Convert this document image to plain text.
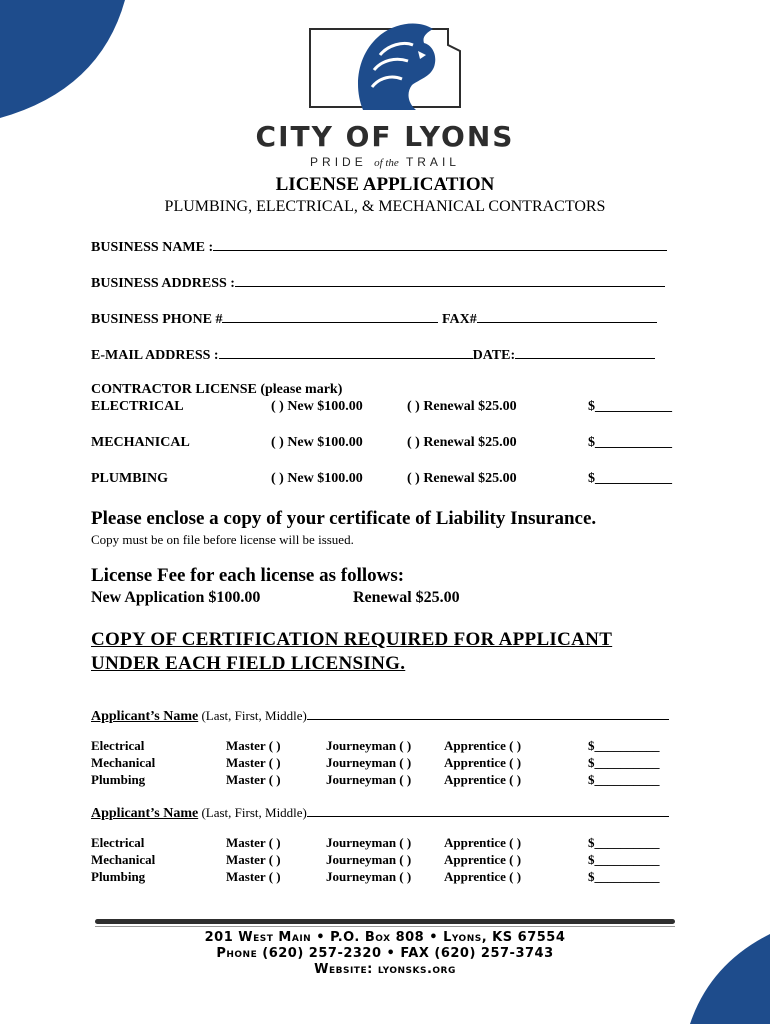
CITY OF LYONS
PRIDE of the TRAIL
LICENSE APPLICATION
PLUMBING, ELECTRICAL, & MECHANICAL CONTRACTORS
BUSINESS NAME :
BUSINESS ADDRESS :
BUSINESS PHONE #	FAX#
E-MAIL ADDRESS :	DATE:
CONTRACTOR LICENSE (please mark)
ELECTRICAL	( ) New $100.00	( ) Renewal $25.00	$___________
MECHANICAL	( ) New $100.00	( ) Renewal $25.00	$___________
PLUMBING	( ) New $100.00	( ) Renewal $25.00	$___________
Please enclose a copy of your certificate of Liability Insurance.
Copy must be on file before license will be issued.
License Fee for each license as follows:
New Application $100.00	Renewal $25.00
COPY OF CERTIFICATION REQUIRED FOR APPLICANT
UNDER EACH FIELD LICENSING.
Applicant’s Name (Last, First, Middle)
Electrical	Master ( )	Journeyman ( )	Apprentice ( )	$__________
Mechanical	Master ( )	Journeyman ( )	Apprentice ( )	$__________
Plumbing	Master ( )	Journeyman ( )	Apprentice ( )	$__________
Applicant’s Name (Last, First, Middle)
Electrical	Master ( )	Journeyman ( )	Apprentice ( )	$__________
Mechanical	Master ( )	Journeyman ( )	Apprentice ( )	$__________
Plumbing	Master ( )	Journeyman ( )	Apprentice ( )	$__________
201 West Main • P.O. Box 808 • Lyons, KS 67554
Phone (620) 257-2320 • FAX (620) 257-3743
Website: lyonsks.org
